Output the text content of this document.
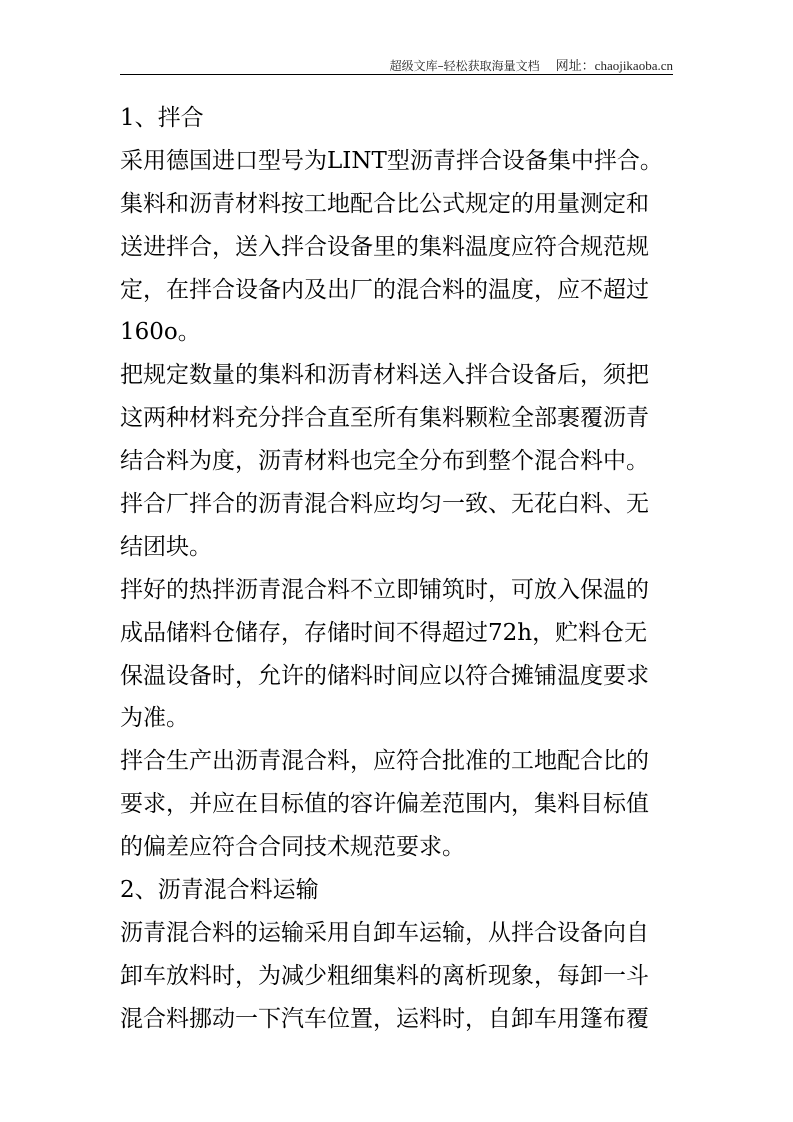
超级文库–轻松获取海量文档 网址：chaojikaoba.cn
1、拌合
采用德国进口型号为LINT型沥青拌合设备集中拌合。
集料和沥青材料按工地配合比公式规定的用量测定和
送进拌合，送入拌合设备里的集料温度应符合规范规
定，在拌合设备内及出厂的混合料的温度，应不超过
160o。
把规定数量的集料和沥青材料送入拌合设备后，须把
这两种材料充分拌合直至所有集料颗粒全部裹覆沥青
结合料为度，沥青材料也完全分布到整个混合料中。
拌合厂拌合的沥青混合料应均匀一致、无花白料、无
结团块。
拌好的热拌沥青混合料不立即铺筑时，可放入保温的
成品储料仓储存，存储时间不得超过72h，贮料仓无
保温设备时，允许的储料时间应以符合摊铺温度要求
为准。
拌合生产出沥青混合料，应符合批准的工地配合比的
要求，并应在目标值的容许偏差范围内，集料目标值
的偏差应符合合同技术规范要求。
2、沥青混合料运输
沥青混合料的运输采用自卸车运输，从拌合设备向自
卸车放料时，为减少粗细集料的离析现象，每卸一斗
混合料挪动一下汽车位置，运料时，自卸车用篷布覆
